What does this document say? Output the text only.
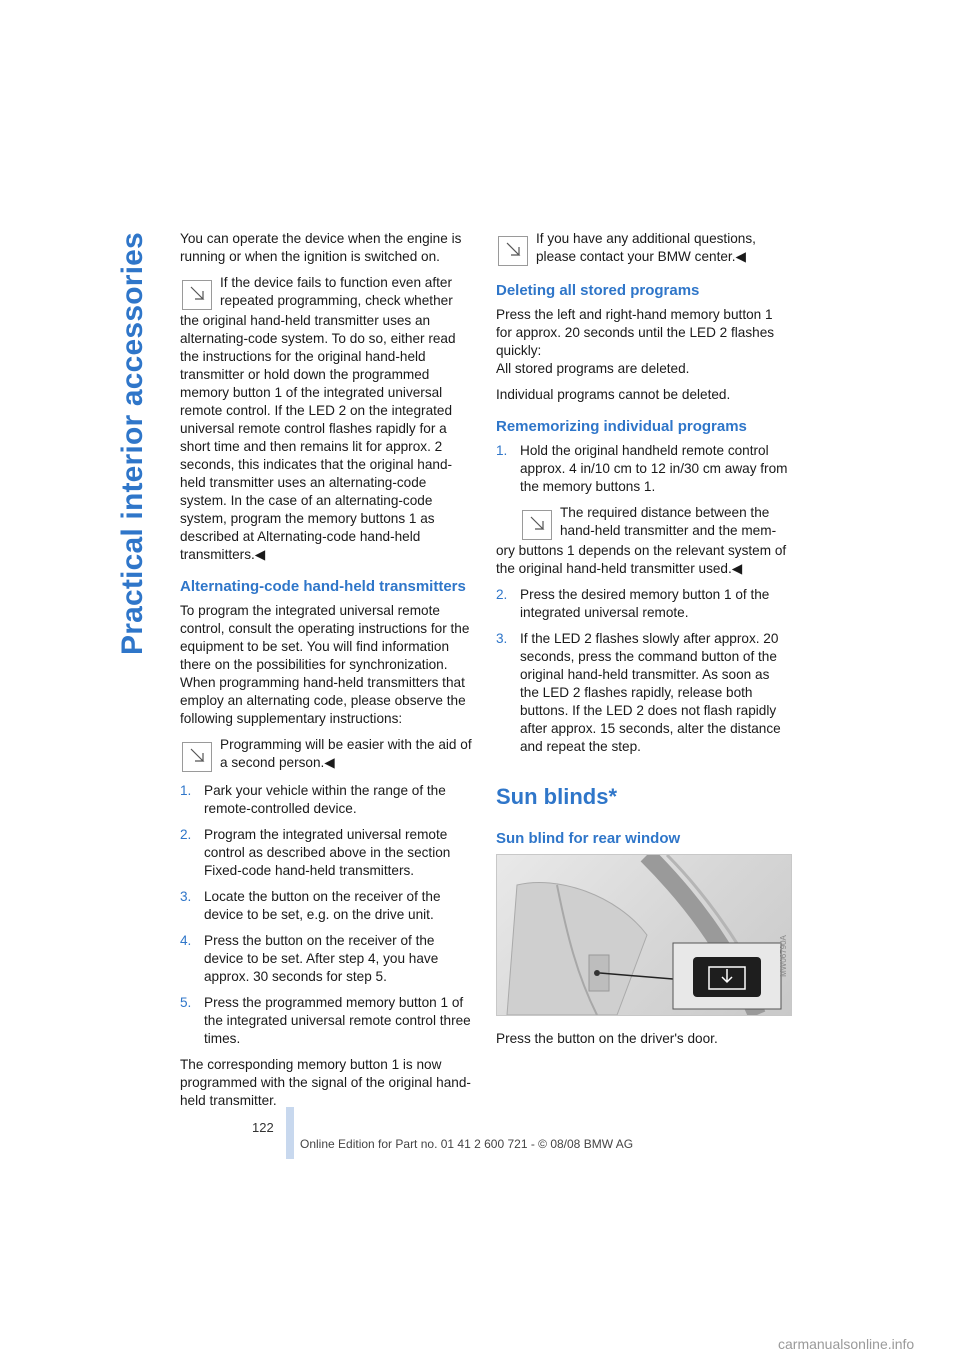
Practical interior accessories	You can operate the device when the engine is running or when the ignition is switched on.

If the device fails to function even after repeated programming, check whether
the original hand-held transmitter uses an alternating-code system. To do so, either read the instructions for the original hand-held transmitter or hold down the programmed memory button 1 of the integrated universal remote control. If the LED 2 on the integrated universal remote control flashes rapidly for a short time and then remains lit for approx. 2 seconds, this indicates that the original hand-held transmitter uses an alternating-code system. In the case of an alternating-code system, program the memory buttons 1 as described at Alternating-code hand-held transmitters.◀
Alternating-code hand-held transmitters

To program the integrated universal remote control, consult the operating instructions for the equipment to be set. You will find information there on the possibilities for synchronization.

When programming hand-held transmitters that employ an alternating code, please observe the following supplementary instructions:

Programming will be easier with the aid of a second person.◀
1. Park your vehicle within the range of the remote-controlled device.
2. Program the integrated universal remote control as described above in the section Fixed-code hand-held transmitters.
3. Locate the button on the receiver of the device to be set, e.g. on the drive unit.
4. Press the button on the receiver of the device to be set. After step 4, you have approx. 30 seconds for step 5.
5. Press the programmed memory button 1 of the integrated universal remote control three times.

The corresponding memory button 1 is now programmed with the signal of the original hand-held transmitter.

If you have any additional questions, please contact your BMW center.◀
Deleting all stored programs

Press the left and right-hand memory button 1 for approx. 20 seconds until the LED 2 flashes quickly:

All stored programs are deleted.

Individual programs cannot be deleted.

Rememorizing individual programs
1. Hold the original handheld remote control approx. 4 in/10 cm to 12 in/30 cm away from the memory buttons 1.
The required distance between the hand-held transmitter and the mem-
ory buttons 1 depends on the relevant system of the original hand-held transmitter used.◀
2. Press the desired memory button 1 of the integrated universal remote.
3. If the LED 2 flashes slowly after approx. 20 seconds, press the command button of the original hand-held transmitter. As soon as the LED 2 flashes rapidly, release both buttons. If the LED 2 does not flash rapidly after approx. 15 seconds, alter the distance and repeat the step.
Sun blinds*
Sun blind for rear window
MW06790A

Press the button on the driver's door.

122
Online Edition for Part no. 01 41 2 600 721 - © 08/08 BMW AG
carmanualsonline.info
